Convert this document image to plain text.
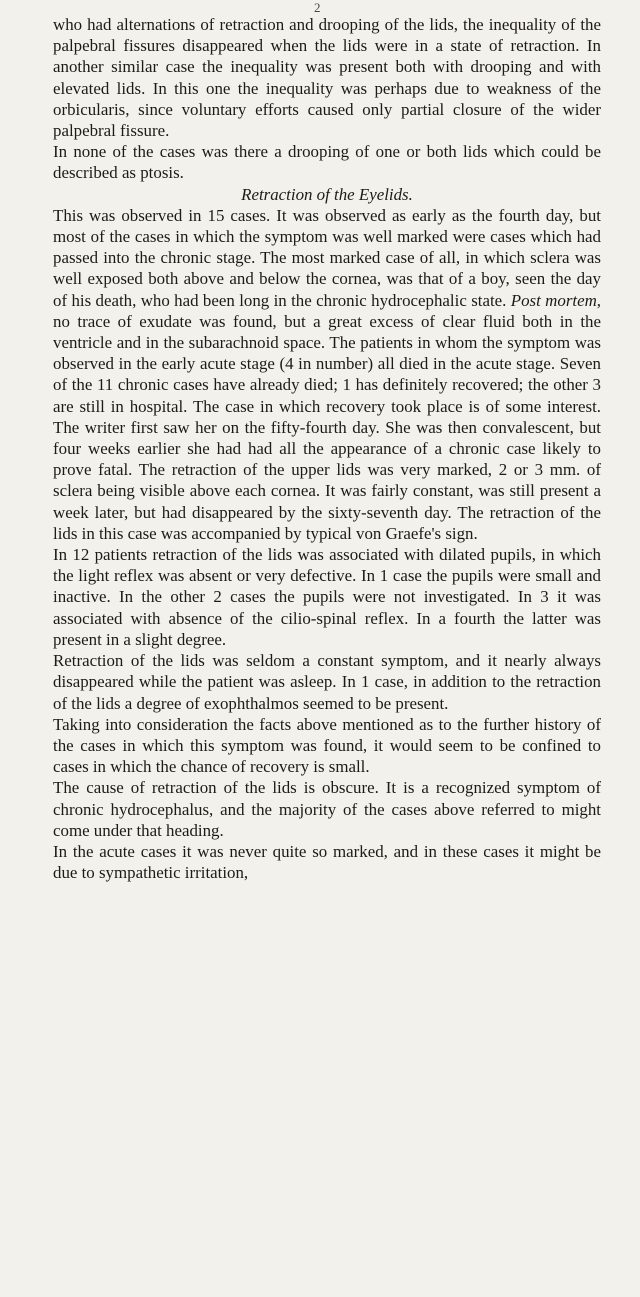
2

who had alternations of retraction and drooping of the lids, the inequality of the palpebral fissures disappeared when the lids were in a state of retraction. In another similar case the inequality was present both with drooping and with elevated lids. In this one the inequality was perhaps due to weakness of the orbicularis, since voluntary efforts caused only partial closure of the wider palpebral fissure.

In none of the cases was there a drooping of one or both lids which could be described as ptosis.

Retraction of the Eyelids.

This was observed in 15 cases. It was observed as early as the fourth day, but most of the cases in which the symptom was well marked were cases which had passed into the chronic stage. The most marked case of all, in which sclera was well exposed both above and below the cornea, was that of a boy, seen the day of his death, who had been long in the chronic hydrocephalic state. Post mortem, no trace of exudate was found, but a great excess of clear fluid both in the ventricle and in the subarachnoid space. The patients in whom the symptom was observed in the early acute stage (4 in number) all died in the acute stage. Seven of the 11 chronic cases have already died; 1 has definitely recovered; the other 3 are still in hospital. The case in which recovery took place is of some interest. The writer first saw her on the fifty-fourth day. She was then convalescent, but four weeks earlier she had had all the appearance of a chronic case likely to prove fatal. The retraction of the upper lids was very marked, 2 or 3 mm. of sclera being visible above each cornea. It was fairly constant, was still present a week later, but had disappeared by the sixty-seventh day. The retraction of the lids in this case was accompanied by typical von Graefe's sign.

In 12 patients retraction of the lids was associated with dilated pupils, in which the light reflex was absent or very defective. In 1 case the pupils were small and inactive. In the other 2 cases the pupils were not investigated. In 3 it was associated with absence of the cilio-spinal reflex. In a fourth the latter was present in a slight degree.

Retraction of the lids was seldom a constant symptom, and it nearly always disappeared while the patient was asleep. In 1 case, in addition to the retraction of the lids a degree of exophthalmos seemed to be present.

Taking into consideration the facts above mentioned as to the further history of the cases in which this symptom was found, it would seem to be confined to cases in which the chance of recovery is small.

The cause of retraction of the lids is obscure. It is a recognized symptom of chronic hydrocephalus, and the majority of the cases above referred to might come under that heading.

In the acute cases it was never quite so marked, and in these cases it might be due to sympathetic irritation,
